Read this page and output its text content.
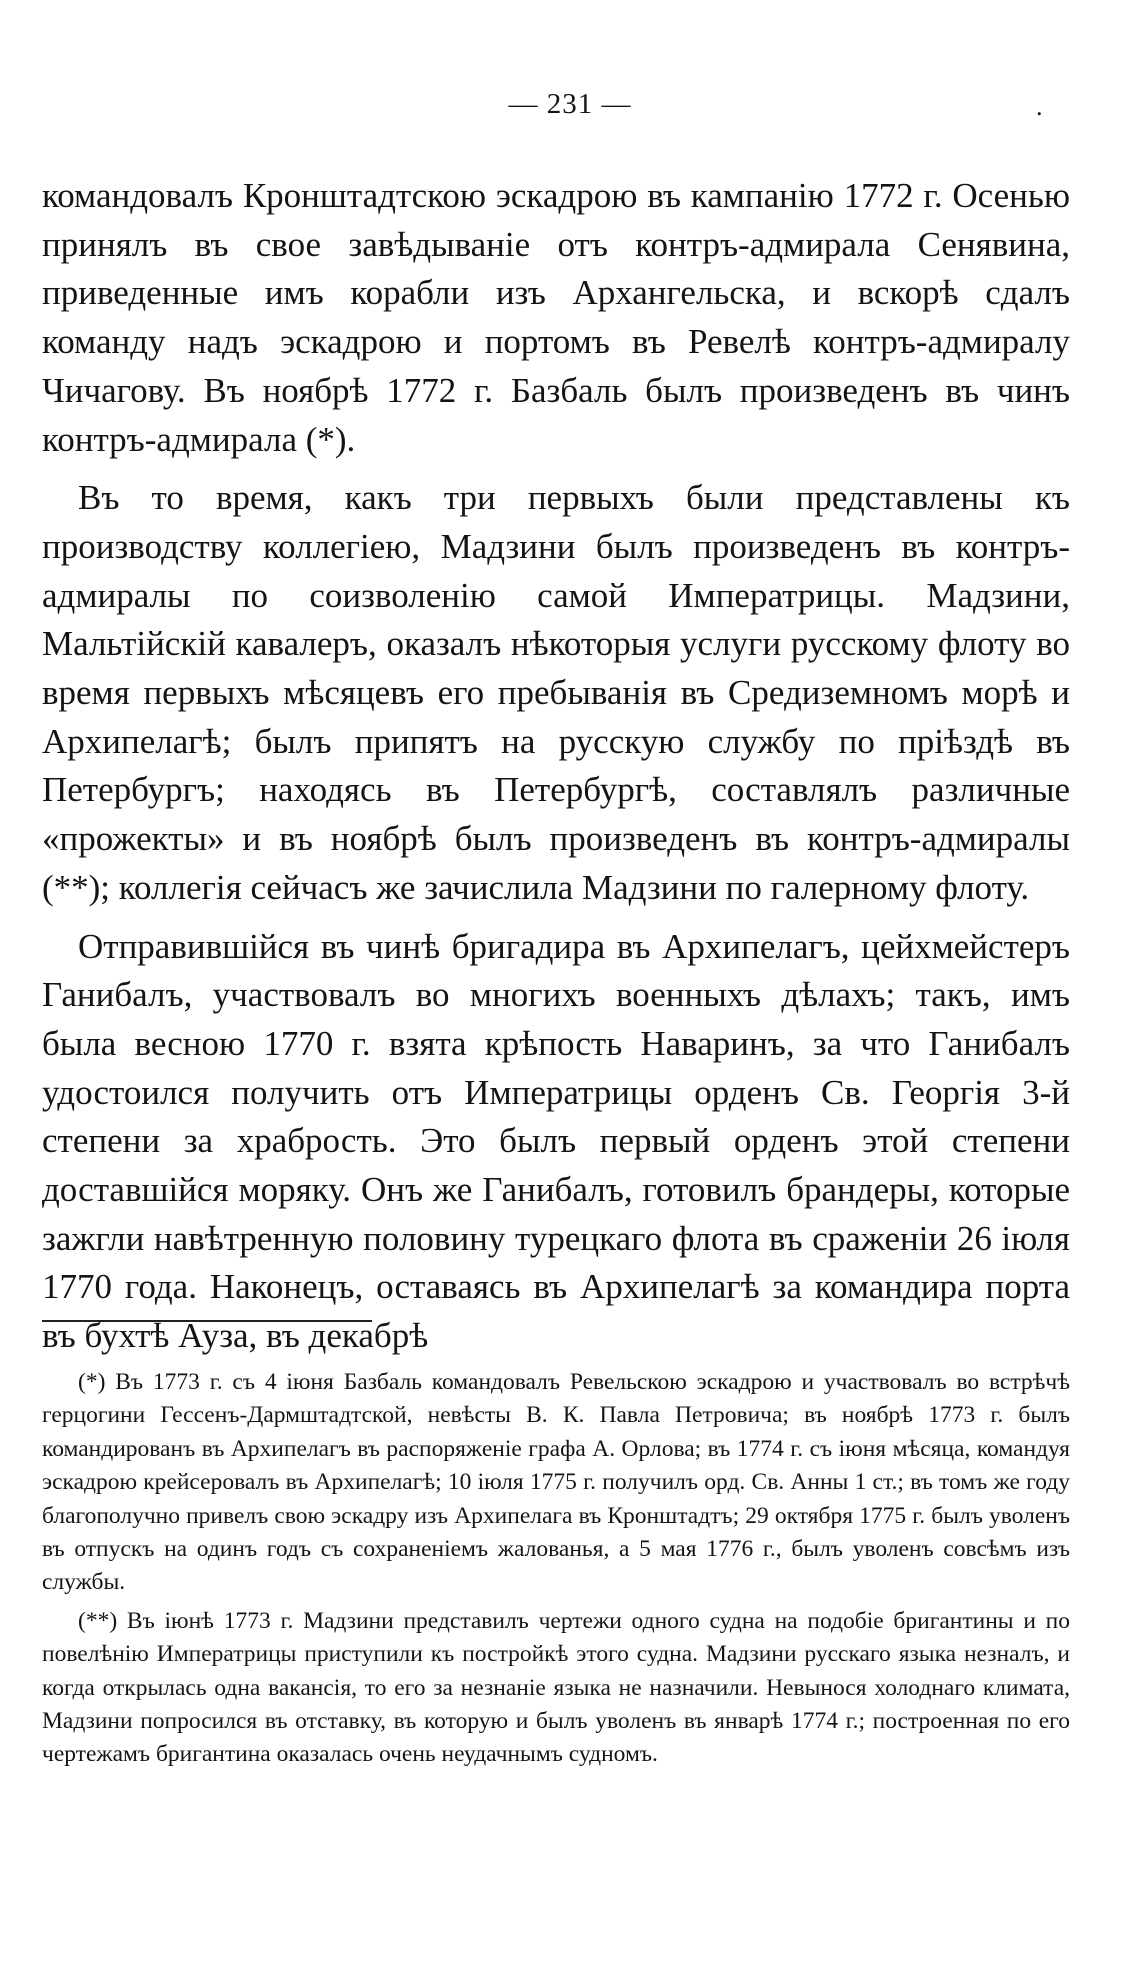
— 231 —	.

командовалъ Кронштадтскою эскадрою въ кампанію 1772 г. Осенью принялъ въ свое завѣдываніе отъ контръ-адмирала Сенявина, приведенные имъ корабли изъ Архангельска, и вскорѣ сдалъ команду надъ эскадрою и портомъ въ Ревелѣ контръ-адмиралу Чичагову. Въ ноябрѣ 1772 г. Базбаль былъ произведенъ въ чинъ контръ-адмирала (*).

Въ то время, какъ три первыхъ были представлены къ производству коллегіею, Мадзини былъ произведенъ въ контръ-адмиралы по соизволенію самой Императрицы. Мадзини, Мальтійскій кавалеръ, оказалъ нѣкоторыя услуги русскому флоту во время первыхъ мѣсяцевъ его пребыванія въ Средиземномъ морѣ и Архипелагѣ; былъ припятъ на русскую службу по пріѣздѣ въ Петербургъ; находясь въ Петербургѣ, составлялъ различные «прожекты» и въ ноябрѣ былъ произведенъ въ контръ-адмиралы (**); коллегія сейчасъ же зачислила Мадзини по галерному флоту.

Отправившійся въ чинѣ бригадира въ Архипелагъ, цейхмейстеръ Ганибалъ, участвовалъ во многихъ военныхъ дѣлахъ; такъ, имъ была весною 1770 г. взята крѣпость Наваринъ, за что Ганибалъ удостоился получить отъ Императрицы орденъ Св. Георгія 3-й степени за храбрость. Это былъ первый орденъ этой степени доставшійся моряку. Онъ же Ганибалъ, готовилъ брандеры, которые зажгли навѣтренную половину турецкаго флота въ сраженіи 26 іюля 1770 года. Наконецъ, оставаясь въ Архипелагѣ за командира порта въ бухтѣ Ауза, въ декабрѣ

(*) Въ 1773 г. съ 4 іюня Базбаль командовалъ Ревельскою эскадрою и участвовалъ во встрѣчѣ герцогини Гессенъ-Дармштадтской, невѣсты В. К. Павла Петровича; въ ноябрѣ 1773 г. былъ командированъ въ Архипелагъ въ распоряженіе графа А. Орлова; въ 1774 г. съ іюня мѣсяца, командуя эскадрою крейсеровалъ въ Архипелагѣ; 10 іюля 1775 г. получилъ орд. Св. Анны 1 ст.; въ томъ же году благополучно привелъ свою эскадру изъ Архипелага въ Кронштадтъ; 29 октября 1775 г. былъ уволенъ въ отпускъ на одинъ годъ съ сохраненіемъ жалованья, а 5 мая 1776 г., былъ уволенъ совсѣмъ изъ службы.

(**) Въ іюнѣ 1773 г. Мадзини представилъ чертежи одного судна на подобіе бригантины и по повелѣнію Императрицы приступили къ постройкѣ этого судна. Мадзини русскаго языка незналъ, и когда открылась одна вакансія, то его за незнаніе языка не назначили. Невынося холоднаго климата, Мадзини попросился въ отставку, въ которую и былъ уволенъ въ январѣ 1774 г.; построенная по его чертежамъ бригантина оказалась очень неудачнымъ судномъ.
